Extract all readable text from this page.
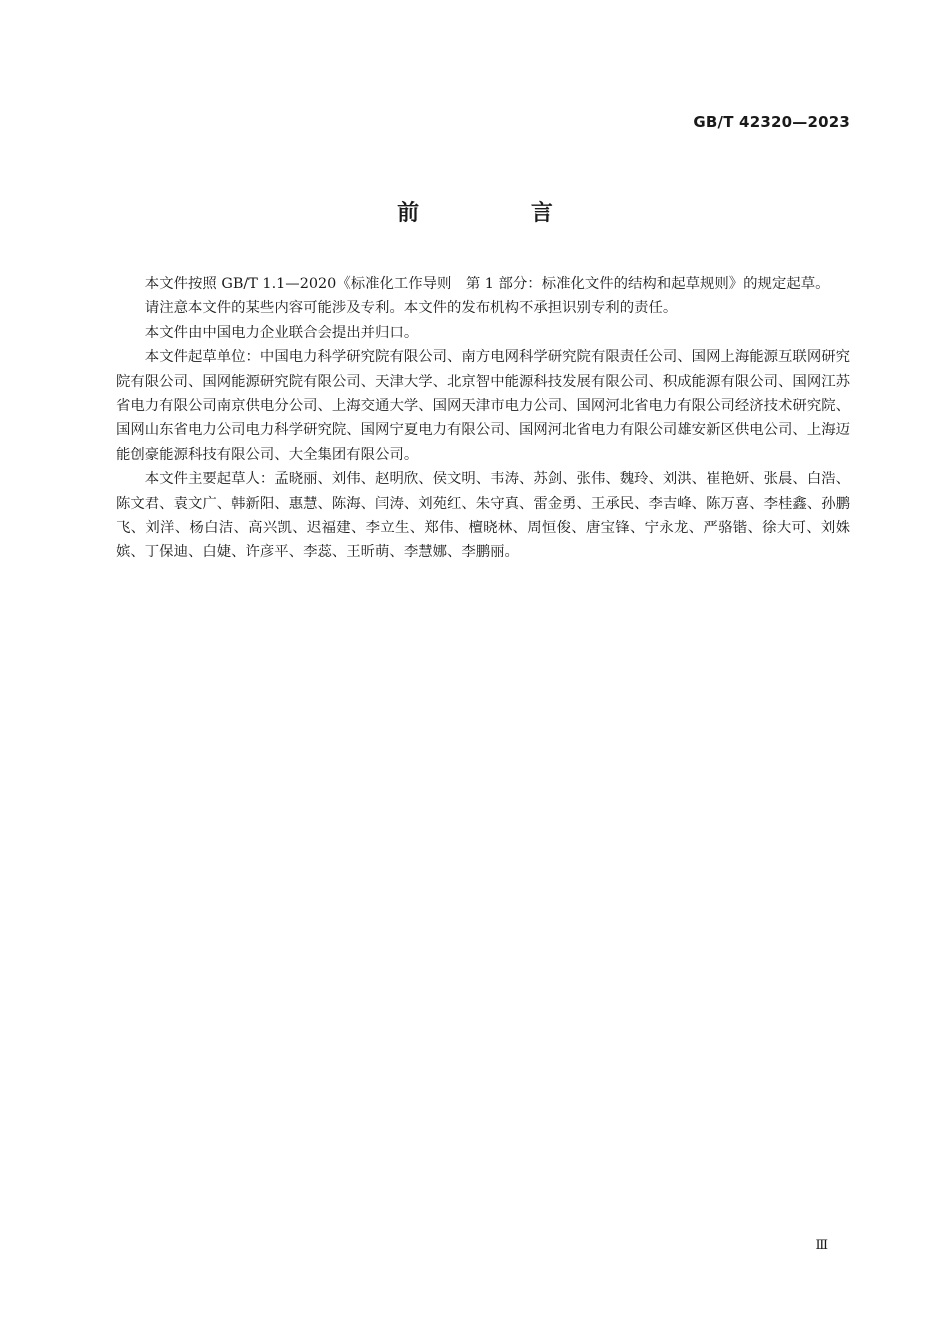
GB/T 42320—2023
前 言

本文件按照 GB/T 1.1—2020《标准化工作导则　第 1 部分：标准化文件的结构和起草规则》的规定起草。

请注意本文件的某些内容可能涉及专利。本文件的发布机构不承担识别专利的责任。

本文件由中国电力企业联合会提出并归口。

本文件起草单位：中国电力科学研究院有限公司、南方电网科学研究院有限责任公司、国网上海能源互联网研究院有限公司、国网能源研究院有限公司、天津大学、北京智中能源科技发展有限公司、积成能源有限公司、国网江苏省电力有限公司南京供电分公司、上海交通大学、国网天津市电力公司、国网河北省电力有限公司经济技术研究院、国网山东省电力公司电力科学研究院、国网宁夏电力有限公司、国网河北省电力有限公司雄安新区供电公司、上海迈能创豪能源科技有限公司、大全集团有限公司。

本文件主要起草人：孟晓丽、刘伟、赵明欣、侯文明、韦涛、苏剑、张伟、魏玲、刘洪、崔艳妍、张晨、白浩、陈文君、袁文广、韩新阳、惠慧、陈海、闫涛、刘苑红、朱守真、雷金勇、王承民、李吉峰、陈万喜、李桂鑫、孙鹏飞、刘洋、杨白洁、高兴凯、迟福建、李立生、郑伟、檀晓林、周恒俊、唐宝锋、宁永龙、严骆锴、徐大可、刘姝嫔、丁保迪、白婕、许彦平、李蕊、王昕萌、李慧娜、李鹏丽。

Ⅲ
